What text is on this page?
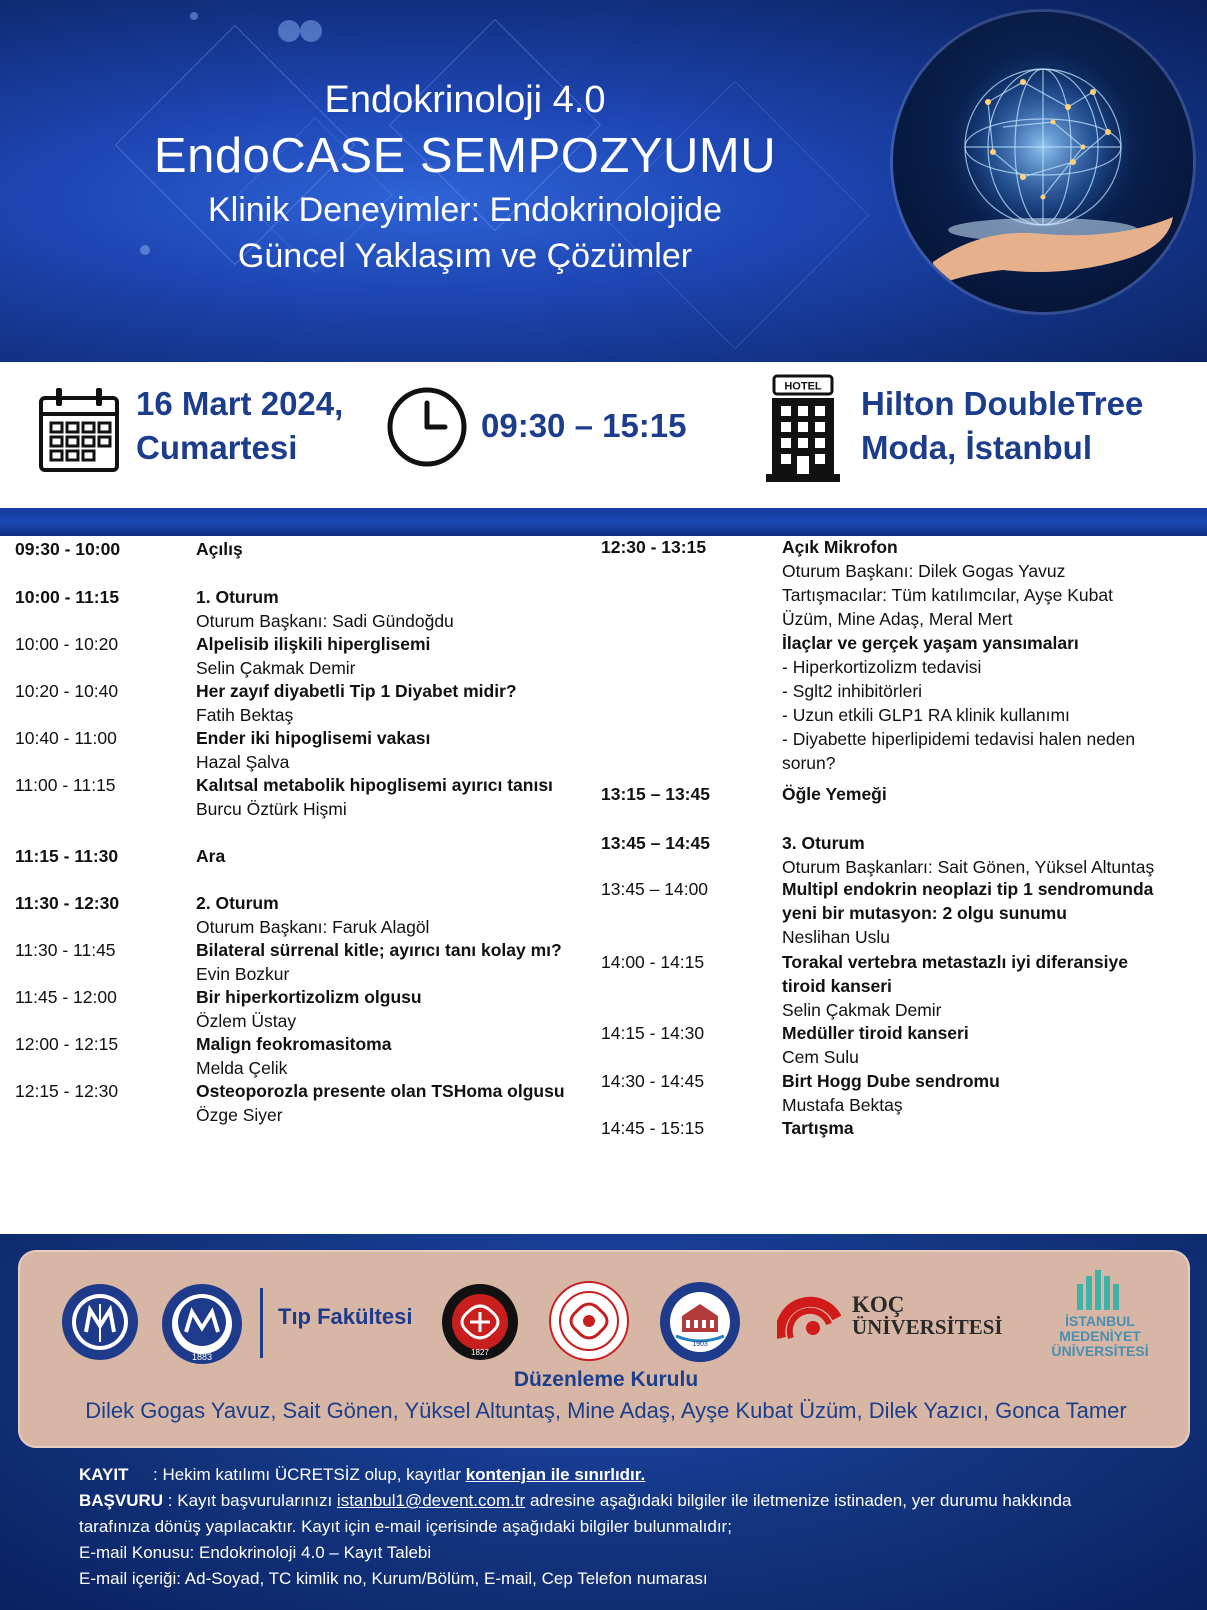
Endokrinoloji 4.0
EndoCASE SEMPOZYUMU
Klinik Deneyimler: Endokrinolojide
Güncel Yaklaşım ve Çözümler
16 Mart 2024,
Cumartesi
09:30 – 15:15
HOTEL Hilton DoubleTree
Moda, İstanbul
09:30 - 10:00	Açılış
10:00 - 11:15	1. Oturum
Oturum Başkanı: Sadi Gündoğdu
10:00 - 10:20	Alpelisib ilişkili hiperglisemi
Selin Çakmak Demir
10:20 - 10:40	Her zayıf diyabetli Tip 1 Diyabet midir?
Fatih Bektaş
10:40 - 11:00	Ender iki hipoglisemi vakası
Hazal Şalva
11:00 - 11:15	Kalıtsal metabolik hipoglisemi ayırıcı tanısı
Burcu Öztürk Hişmi
11:15 - 11:30	Ara
11:30 - 12:30	2. Oturum
Oturum Başkanı: Faruk Alagöl
11:30 - 11:45	Bilateral sürrenal kitle; ayırıcı tanı kolay mı?
Evin Bozkur
11:45 - 12:00	Bir hiperkortizolizm olgusu
Özlem Üstay
12:00 - 12:15	Malign feokromasitoma
Melda Çelik
12:15 - 12:30	Osteoporozla presente olan TSHoma olgusu
Özge Siyer
12:30 - 13:15	Açık Mikrofon
Oturum Başkanı: Dilek Gogas Yavuz
Tartışmacılar: Tüm katılımcılar, Ayşe Kubat
Üzüm, Mine Adaş, Meral Mert
İlaçlar ve gerçek yaşam yansımaları
- Hiperkortizolizm tedavisi
- Sglt2 inhibitörleri
- Uzun etkili GLP1 RA klinik kullanımı
- Diyabette hiperlipidemi tedavisi halen neden
sorun?
13:15 – 13:45	Öğle Yemeği
13:45 – 14:45	3. Oturum
Oturum Başkanları: Sait Gönen, Yüksel Altuntaş
13:45 – 14:00	Multipl endokrin neoplazi tip 1 sendromunda
yeni bir mutasyon: 2 olgu sunumu
Neslihan Uslu
14:00 - 14:15	Torakal vertebra metastazlı iyi diferansiye
tiroid kanseri
Selin Çakmak Demir
14:15 - 14:30	Medüller tiroid kanseri
Cem Sulu
14:30 - 14:45	Birt Hogg Dube sendromu
Mustafa Bektaş
14:45 - 15:15	Tartışma
1883
Tıp Fakültesi
1827
1903
KOÇ
ÜNİVERSİTESİ	İSTANBUL MEDENİYET
ÜNİVERSİTESİ
Düzenleme Kurulu
Dilek Gogas Yavuz, Sait Gönen, Yüksel Altuntaş, Mine Adaş, Ayşe Kubat Üzüm, Dilek Yazıcı, Gonca Tamer
KAYIT : Hekim katılımı ÜCRETSİZ olup, kayıtlar kontenjan ile sınırlıdır.
BAŞVURU : Kayıt başvurularınızı istanbul1@devent.com.tr adresine aşağıdaki bilgiler ile iletmenize istinaden, yer durumu hakkında
tarafınıza dönüş yapılacaktır. Kayıt için e-mail içerisinde aşağıdaki bilgiler bulunmalıdır;
E-mail Konusu: Endokrinoloji 4.0 – Kayıt Talebi
E-mail içeriği: Ad-Soyad, TC kimlik no, Kurum/Bölüm, E-mail, Cep Telefon numarası
